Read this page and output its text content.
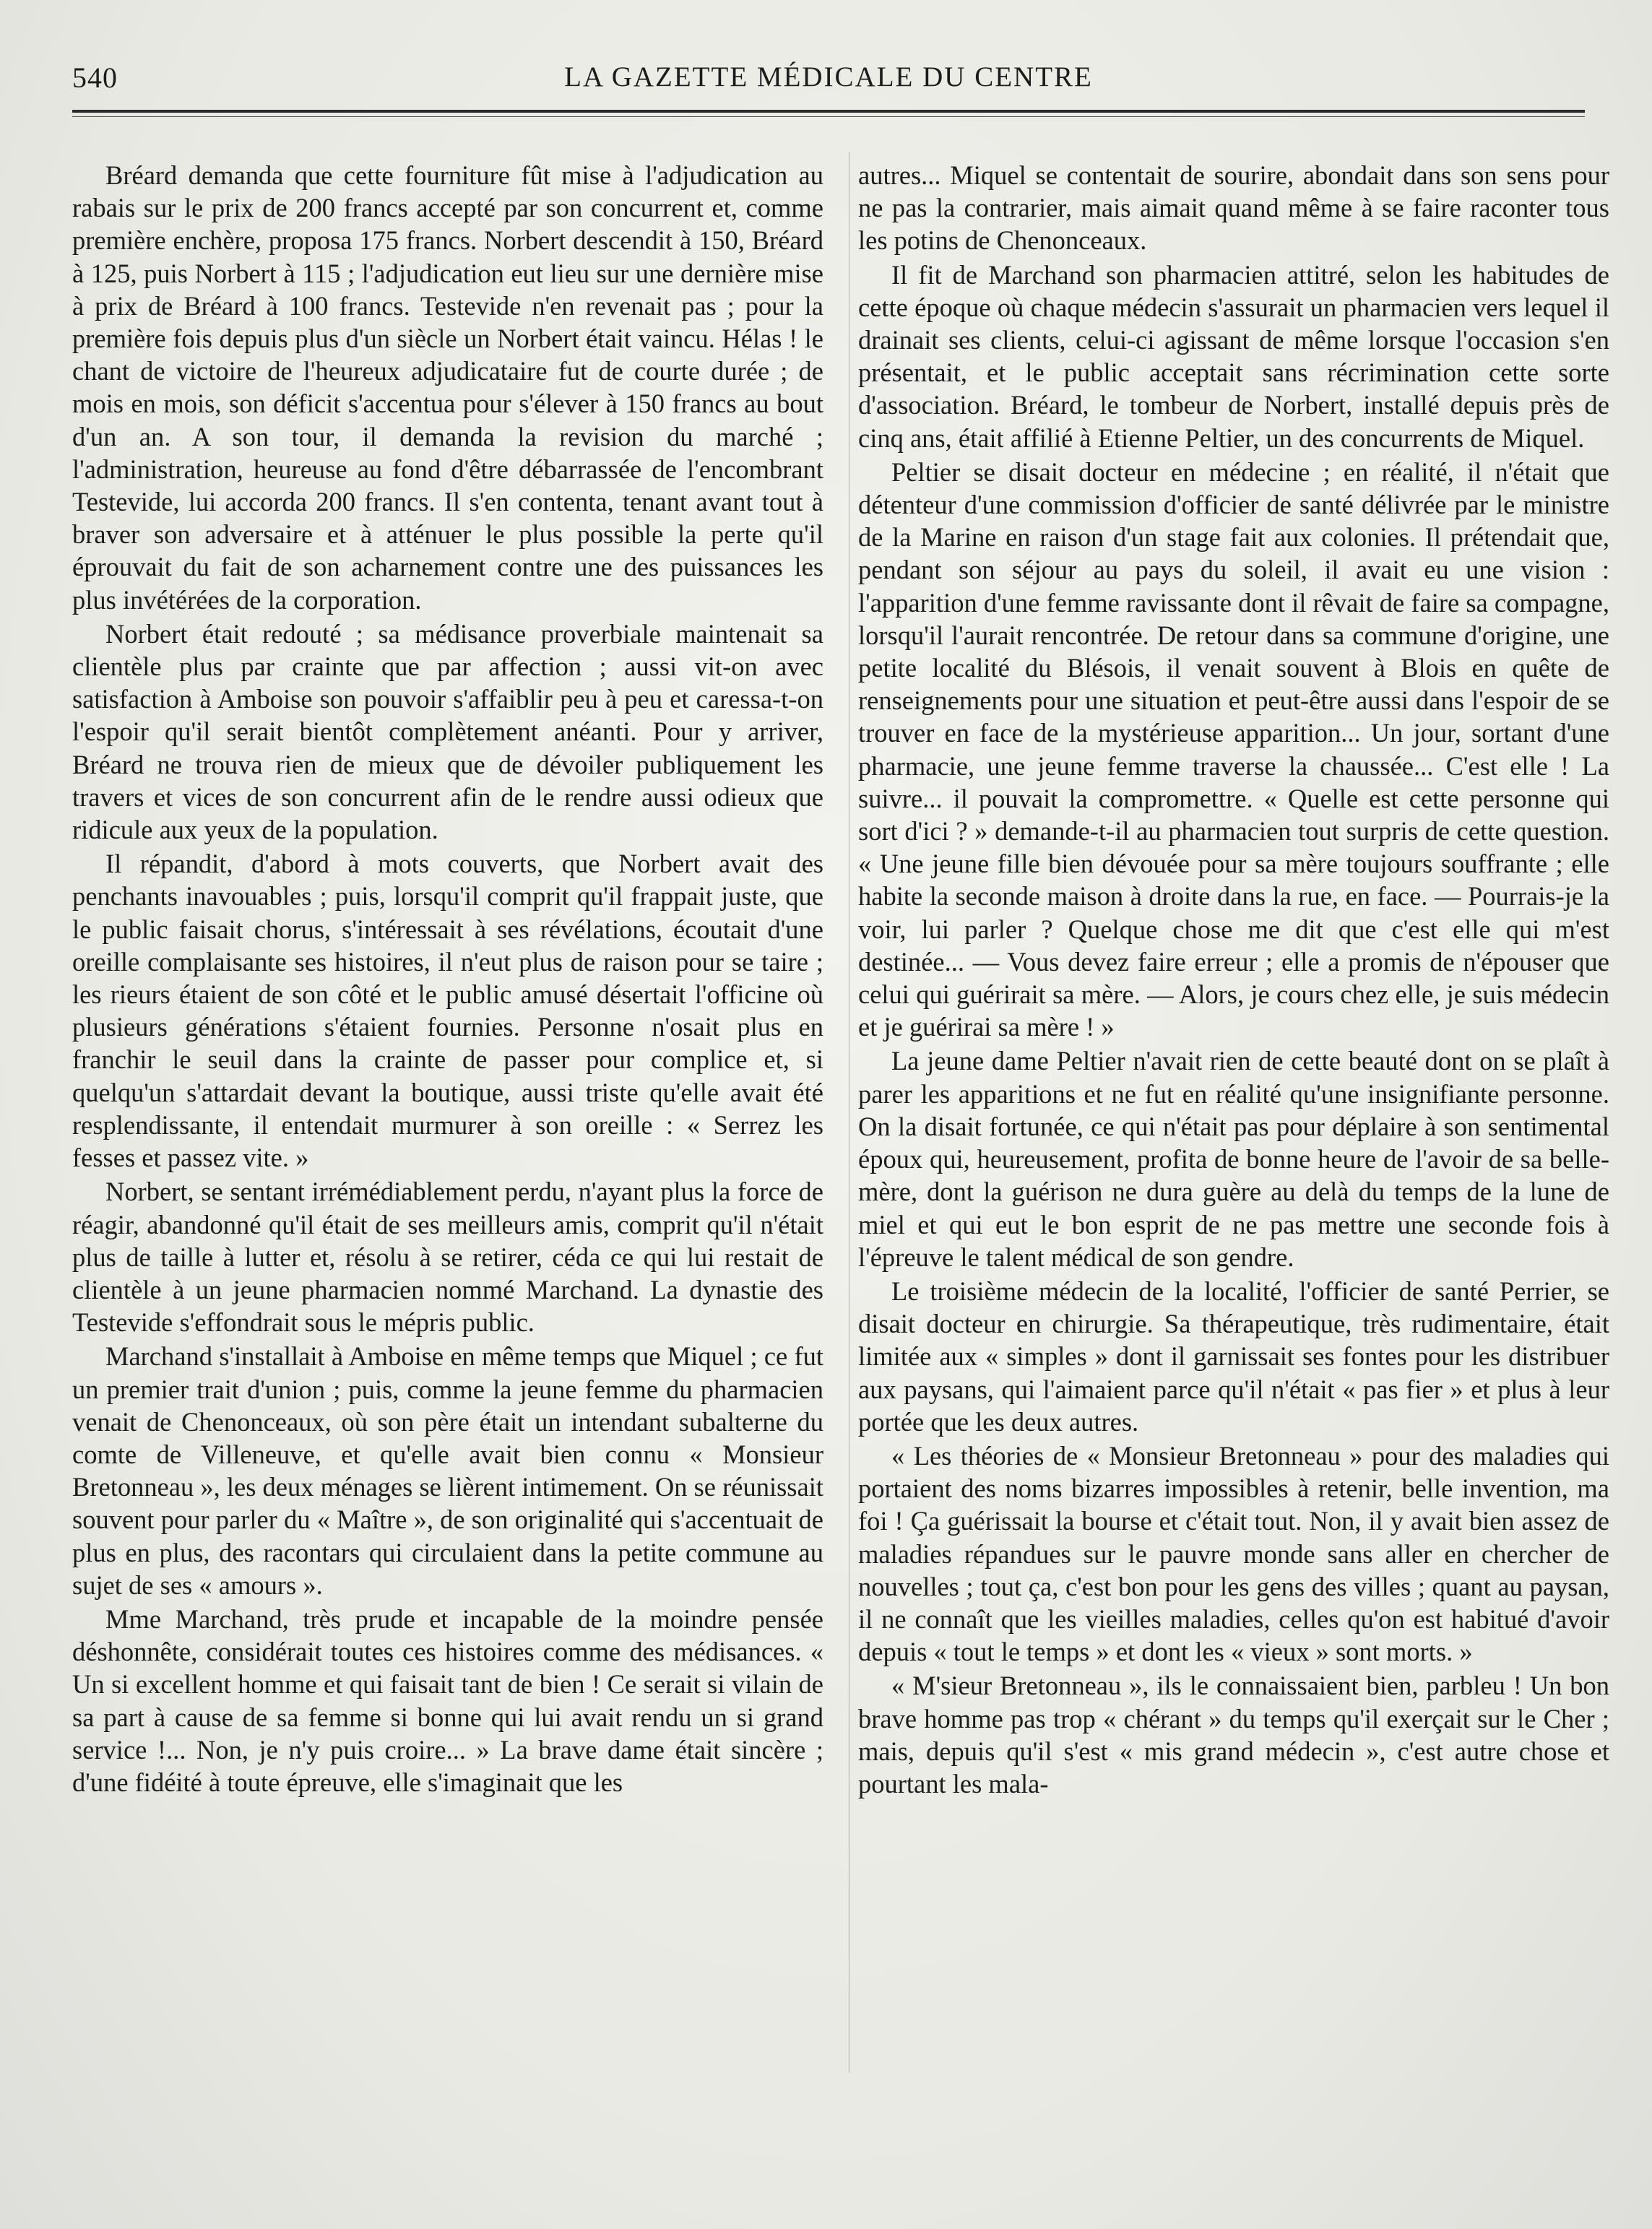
540	LA GAZETTE MÉDICALE DU CENTRE

Bréard demanda que cette fourniture fût mise à l'adjudication au rabais sur le prix de 200 francs accepté par son concurrent et, comme première enchère, proposa 175 francs. Norbert descendit à 150, Bréard à 125, puis Norbert à 115 ; l'adjudication eut lieu sur une dernière mise à prix de Bréard à 100 francs. Testevide n'en revenait pas ; pour la première fois depuis plus d'un siècle un Norbert était vaincu. Hélas ! le chant de victoire de l'heureux adjudicataire fut de courte durée ; de mois en mois, son déficit s'accentua pour s'élever à 150 francs au bout d'un an. A son tour, il demanda la revision du marché ; l'administration, heureuse au fond d'être débarrassée de l'encombrant Testevide, lui accorda 200 francs. Il s'en contenta, tenant avant tout à braver son adversaire et à atténuer le plus possible la perte qu'il éprouvait du fait de son acharnement contre une des puissances les plus invétérées de la corporation.

Norbert était redouté ; sa médisance proverbiale maintenait sa clientèle plus par crainte que par affection ; aussi vit-on avec satisfaction à Amboise son pouvoir s'affaiblir peu à peu et caressa-t-on l'espoir qu'il serait bientôt complètement anéanti. Pour y arriver, Bréard ne trouva rien de mieux que de dévoiler publiquement les travers et vices de son concurrent afin de le rendre aussi odieux que ridicule aux yeux de la population.

Il répandit, d'abord à mots couverts, que Norbert avait des penchants inavouables ; puis, lorsqu'il comprit qu'il frappait juste, que le public faisait chorus, s'intéressait à ses révélations, écoutait d'une oreille complaisante ses histoires, il n'eut plus de raison pour se taire ; les rieurs étaient de son côté et le public amusé désertait l'officine où plusieurs générations s'étaient fournies. Personne n'osait plus en franchir le seuil dans la crainte de passer pour complice et, si quelqu'un s'attardait devant la boutique, aussi triste qu'elle avait été resplendissante, il entendait murmurer à son oreille : « Serrez les fesses et passez vite. »

Norbert, se sentant irrémédiablement perdu, n'ayant plus la force de réagir, abandonné qu'il était de ses meilleurs amis, comprit qu'il n'était plus de taille à lutter et, résolu à se retirer, céda ce qui lui restait de clientèle à un jeune pharmacien nommé Marchand. La dynastie des Testevide s'effondrait sous le mépris public.

Marchand s'installait à Amboise en même temps que Miquel ; ce fut un premier trait d'union ; puis, comme la jeune femme du pharmacien venait de Chenonceaux, où son père était un intendant subalterne du comte de Villeneuve, et qu'elle avait bien connu « Monsieur Bretonneau », les deux ménages se lièrent intimement. On se réunissait souvent pour parler du « Maître », de son originalité qui s'accentuait de plus en plus, des racontars qui circulaient dans la petite commune au sujet de ses « amours ».

Mme Marchand, très prude et incapable de la moindre pensée déshonnête, considérait toutes ces histoires comme des médisances. « Un si excellent homme et qui faisait tant de bien ! Ce serait si vilain de sa part à cause de sa femme si bonne qui lui avait rendu un si grand service !... Non, je n'y puis croire... » La brave dame était sincère ; d'une fidéité à toute épreuve, elle s'imaginait que les

autres... Miquel se contentait de sourire, abondait dans son sens pour ne pas la contrarier, mais aimait quand même à se faire raconter tous les potins de Chenonceaux.

Il fit de Marchand son pharmacien attitré, selon les habitudes de cette époque où chaque médecin s'assurait un pharmacien vers lequel il drainait ses clients, celui-ci agissant de même lorsque l'occasion s'en présentait, et le public acceptait sans récrimination cette sorte d'association. Bréard, le tombeur de Norbert, installé depuis près de cinq ans, était affilié à Etienne Peltier, un des concurrents de Miquel.

Peltier se disait docteur en médecine ; en réalité, il n'était que détenteur d'une commission d'officier de santé délivrée par le ministre de la Marine en raison d'un stage fait aux colonies. Il prétendait que, pendant son séjour au pays du soleil, il avait eu une vision : l'apparition d'une femme ravissante dont il rêvait de faire sa compagne, lorsqu'il l'aurait rencontrée. De retour dans sa commune d'origine, une petite localité du Blésois, il venait souvent à Blois en quête de renseignements pour une situation et peut-être aussi dans l'espoir de se trouver en face de la mystérieuse apparition... Un jour, sortant d'une pharmacie, une jeune femme traverse la chaussée... C'est elle ! La suivre... il pouvait la compromettre. « Quelle est cette personne qui sort d'ici ? » demande-t-il au pharmacien tout surpris de cette question. « Une jeune fille bien dévouée pour sa mère toujours souffrante ; elle habite la seconde maison à droite dans la rue, en face. — Pourrais-je la voir, lui parler ? Quelque chose me dit que c'est elle qui m'est destinée... — Vous devez faire erreur ; elle a promis de n'épouser que celui qui guérirait sa mère. — Alors, je cours chez elle, je suis médecin et je guérirai sa mère ! »

La jeune dame Peltier n'avait rien de cette beauté dont on se plaît à parer les apparitions et ne fut en réalité qu'une insignifiante personne. On la disait fortunée, ce qui n'était pas pour déplaire à son sentimental époux qui, heureusement, profita de bonne heure de l'avoir de sa belle-mère, dont la guérison ne dura guère au delà du temps de la lune de miel et qui eut le bon esprit de ne pas mettre une seconde fois à l'épreuve le talent médical de son gendre.

Le troisième médecin de la localité, l'officier de santé Perrier, se disait docteur en chirurgie. Sa thérapeutique, très rudimentaire, était limitée aux « simples » dont il garnissait ses fontes pour les distribuer aux paysans, qui l'aimaient parce qu'il n'était « pas fier » et plus à leur portée que les deux autres.

« Les théories de « Monsieur Bretonneau » pour des maladies qui portaient des noms bizarres impossibles à retenir, belle invention, ma foi ! Ça guérissait la bourse et c'était tout. Non, il y avait bien assez de maladies répandues sur le pauvre monde sans aller en chercher de nouvelles ; tout ça, c'est bon pour les gens des villes ; quant au paysan, il ne connaît que les vieilles maladies, celles qu'on est habitué d'avoir depuis « tout le temps » et dont les « vieux » sont morts. »

« M'sieur Bretonneau », ils le connaissaient bien, parbleu ! Un bon brave homme pas trop « chérant » du temps qu'il exerçait sur le Cher ; mais, depuis qu'il s'est « mis grand médecin », c'est autre chose et pourtant les mala-
